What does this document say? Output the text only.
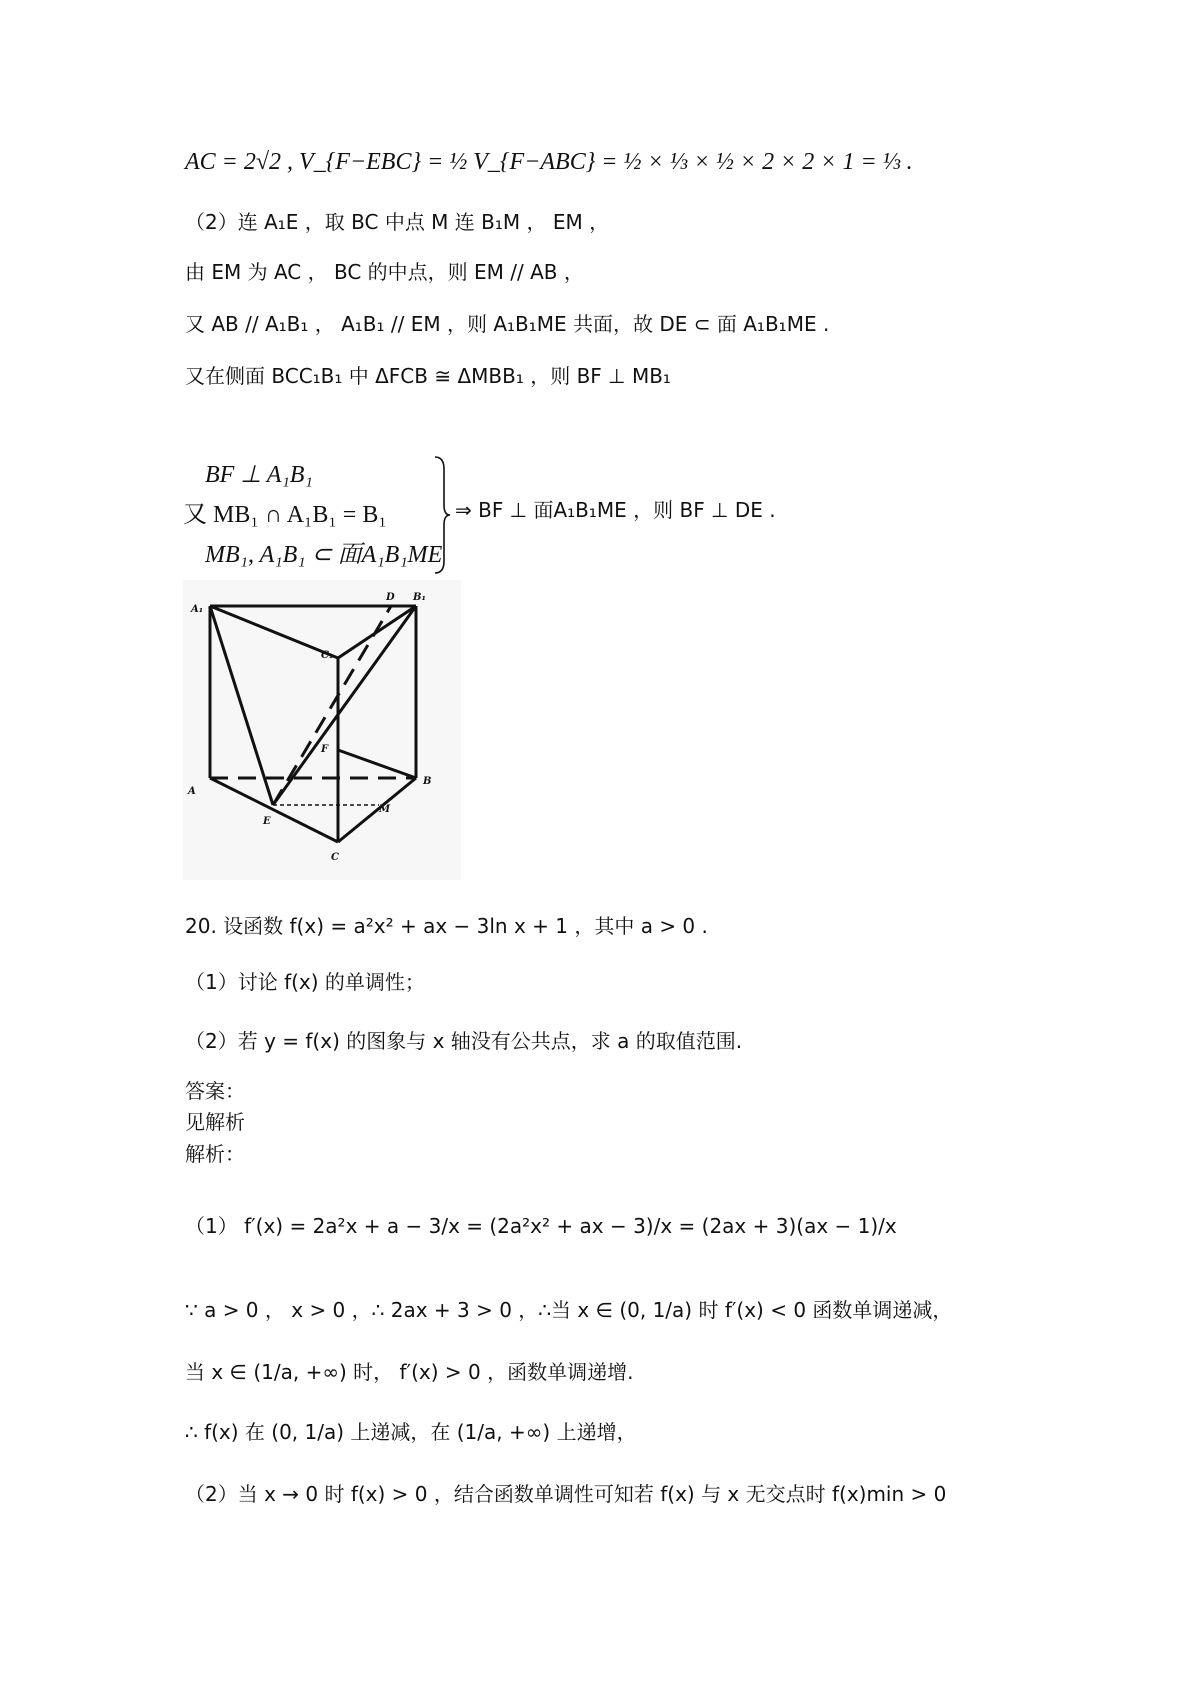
AC = 2√2 , V_{F−EBC} = ½ V_{F−ABC} = ½ × ⅓ × ½ × 2 × 2 × 1 = ⅓ .
（2）连 A₁E ，取 BC 中点 M 连 B₁M ， EM ，
由 EM 为 AC ， BC 的中点，则 EM // AB ，
又 AB // A₁B₁ ， A₁B₁ // EM ，则 A₁B₁ME 共面，故 DE ⊂ 面 A₁B₁ME .
又在侧面 BCC₁B₁ 中 ΔFCB ≅ ΔMBB₁ ，则 BF ⊥ MB₁
BF ⊥ A₁B₁
又 MB₁ ∩ A₁B₁ = B₁
MB₁, A₁B₁ ⊂ 面A₁B₁ME
⇒ BF ⊥ 面A₁B₁ME ，则 BF ⊥ DE .
A₁
B₁
C₁
D
F
A
B
E
M
C
20. 设函数 f(x) = a²x² + ax − 3ln x + 1 ，其中 a > 0 .
（1）讨论 f(x) 的单调性；
（2）若 y = f(x) 的图象与 x 轴没有公共点，求 a 的取值范围.
答案：
见解析
解析：
（1） f′(x) = 2a²x + a − 3/x = (2a²x² + ax − 3)/x = (2ax + 3)(ax − 1)/x
∵ a > 0 ， x > 0 ，∴ 2ax + 3 > 0 ，∴当 x ∈ (0, 1/a) 时 f′(x) < 0 函数单调递减，
当 x ∈ (1/a, +∞) 时， f′(x) > 0 ，函数单调递增.
∴ f(x) 在 (0, 1/a) 上递减，在 (1/a, +∞) 上递增，
（2）当 x → 0 时 f(x) > 0 ，结合函数单调性可知若 f(x) 与 x 无交点时 f(x)min > 0
